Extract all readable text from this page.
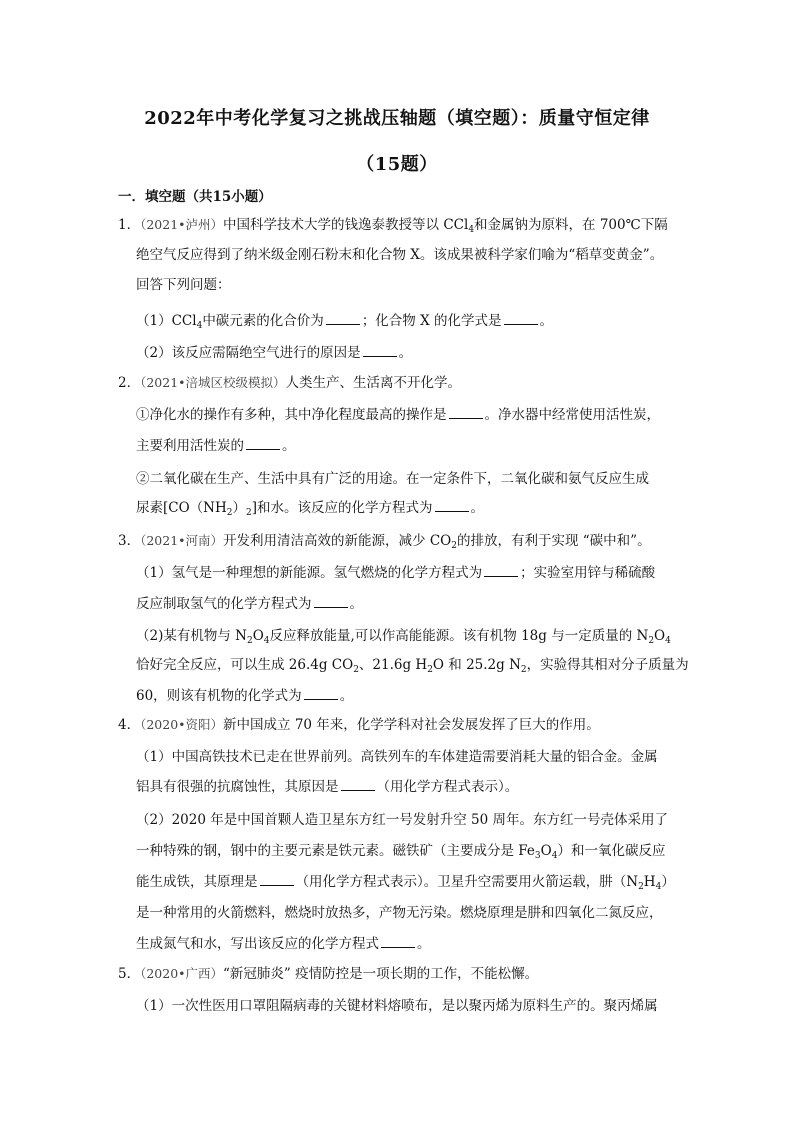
2022年中考化学复习之挑战压轴题（填空题）：质量守恒定律
（15题）
一．填空题（共15小题）
1．（2021•泸州）中国科学技术大学的钱逸泰教授等以 CCl$_4$和金属钠为原料，在 700℃下隔
绝空气反应得到了纳米级金刚石粉末和化合物 X。该成果被科学家们喻为“稻草变黄金”。
回答下列问题：
（1）CCl$_4$中碳元素的化合价为	；化合物 X 的化学式是	。
（2）该反应需隔绝空气进行的原因是	。
2．（2021•涪城区校级模拟）人类生产、生活离不开化学。
①净化水的操作有多种，其中净化程度最高的操作是	。净水器中经常使用活性炭，
主要利用活性炭的	。
②二氧化碳在生产、生活中具有广泛的用途。在一定条件下，二氧化碳和氨气反应生成
尿素$[CO(NH_2)_2]$和水。该反应的化学方程式为	。
3．（2021•河南）开发利用清洁高效的新能源，减少 $CO_2$的排放，有利于实现 “碳中和”。
（1）氢气是一种理想的新能源。氢气燃烧的化学方程式为	；实验室用锌与稀硫酸
反应制取氢气的化学方程式为	。
（2)某有机物与 $N_2O_4$反应释放能量,可以作高能能源。该有机物 18g 与一定质量的 $N_2O_4$
恰好完全反应，可以生成 26.4g $CO_2$、21.6g $H_2O$ 和 25.2g $N_2$，实验得其相对分子质量为
60，则该有机物的化学式为	。
4．（2020•资阳）新中国成立 70 年来，化学学科对社会发展发挥了巨大的作用。
（1）中国高铁技术已走在世界前列。高铁列车的车体建造需要消耗大量的铝合金。金属
铝具有很强的抗腐蚀性，其原因是	（用化学方程式表示）。
（2）2020 年是中国首颗人造卫星东方红一号发射升空 50 周年。东方红一号壳体采用了
一种特殊的钢，钢中的主要元素是铁元素。磁铁矿（主要成分是 $Fe_3O_4$）和一氧化碳反应
能生成铁，其原理是	（用化学方程式表示）。卫星升空需要用火箭运载，肼$(N_2H_4)$
是一种常用的火箭燃料，燃烧时放热多，产物无污染。燃烧原理是肼和四氧化二氮反应，
生成氮气和水，写出该反应的化学方程式	。
5．（2020•广西）“新冠肺炎” 疫情防控是一项长期的工作，不能松懈。
（1）一次性医用口罩阻隔病毒的关键材料熔喷布，是以聚丙烯为原料生产的。聚丙烯属
